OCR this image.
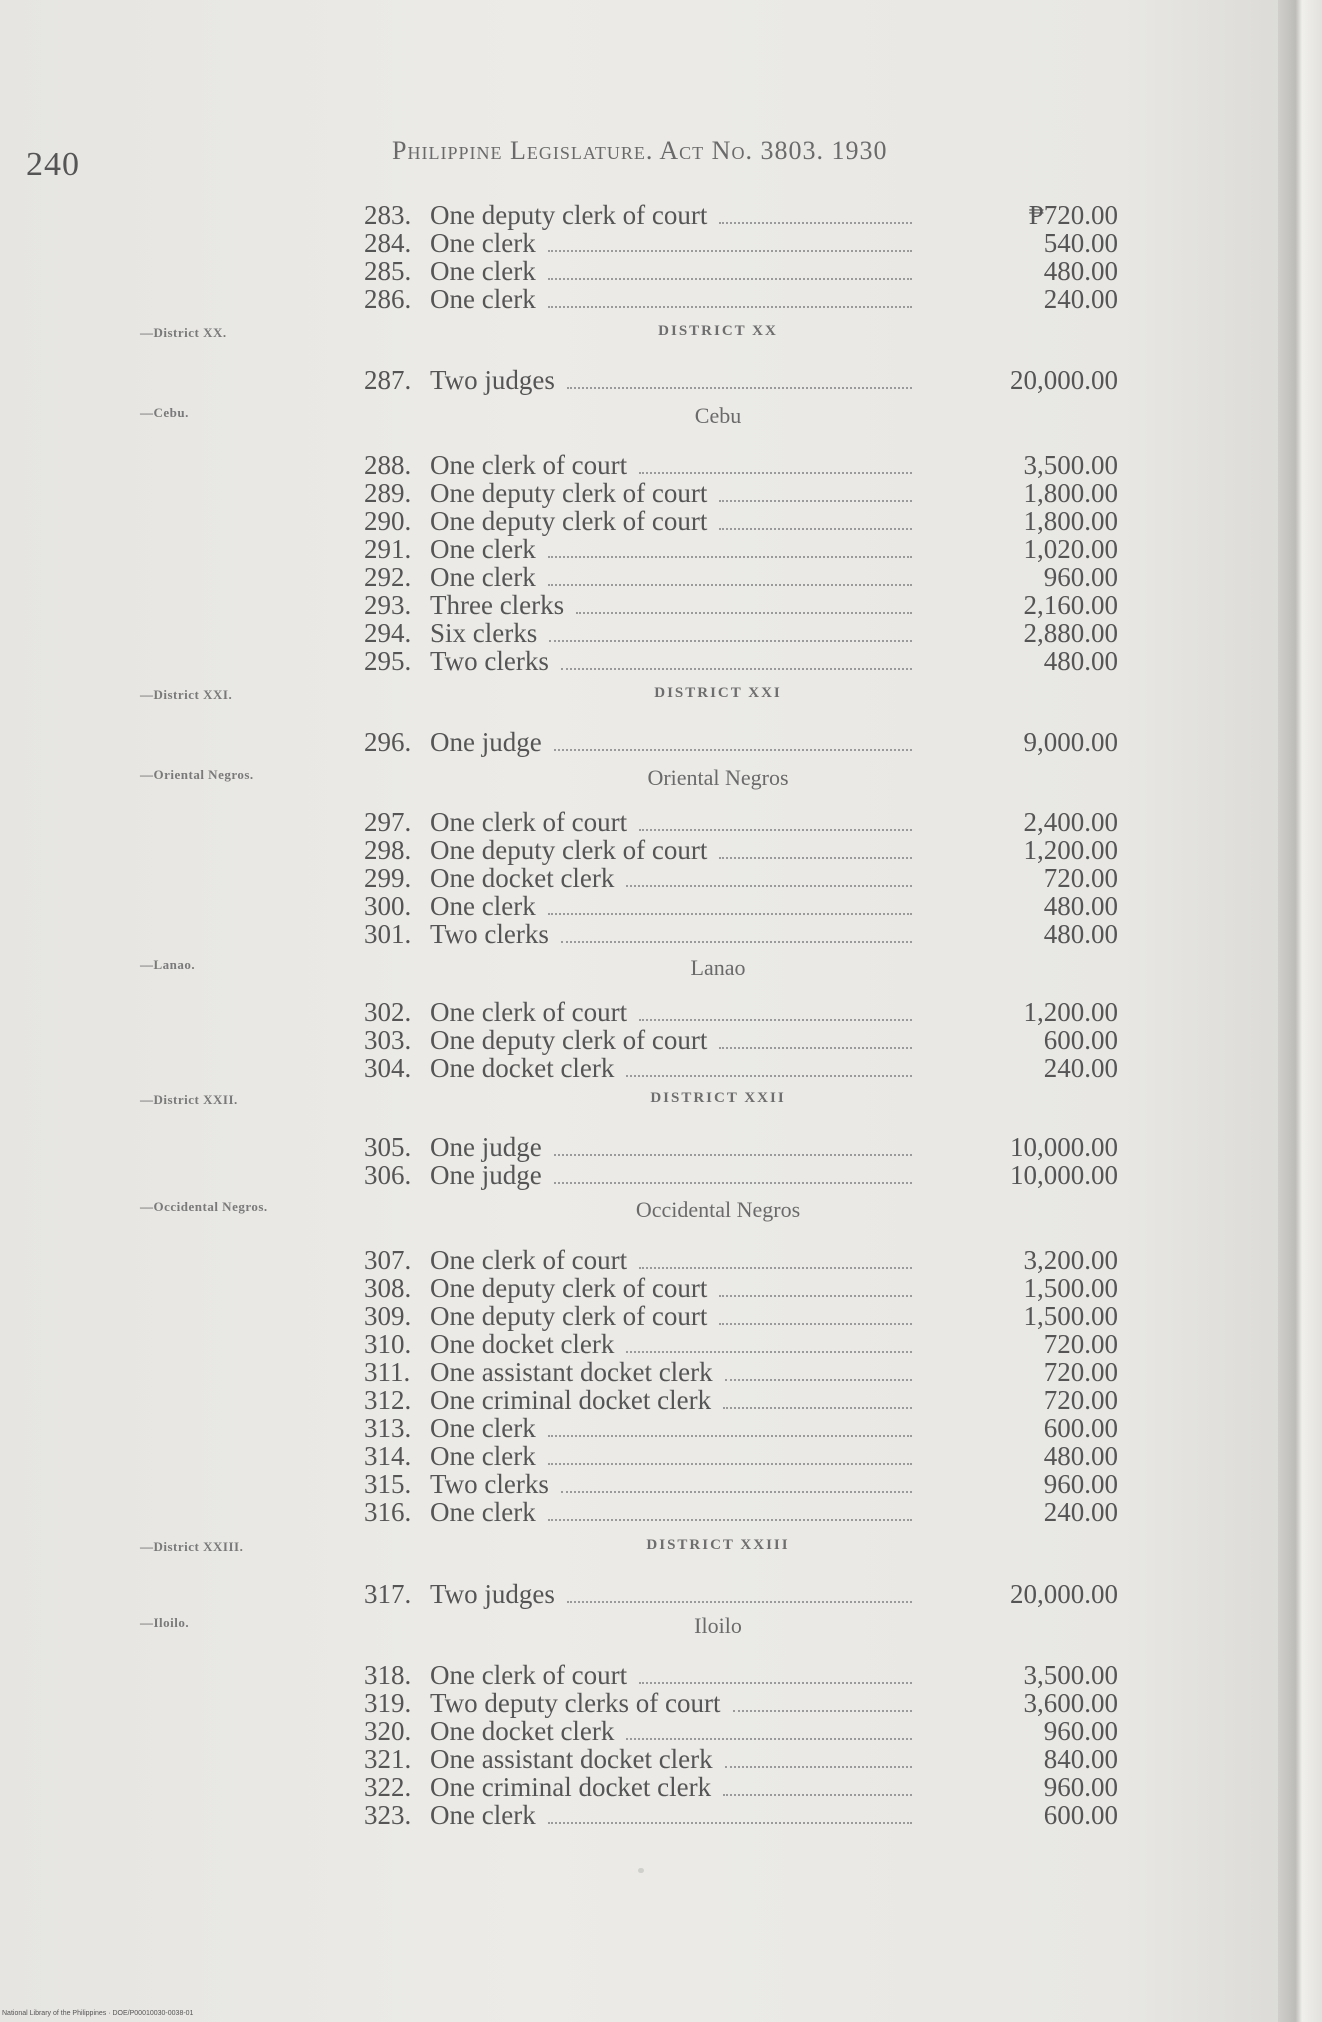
240	Philippine Legislature. Act No. 3803. 1930
283. One deputy clerk of court	₱720.00
284. One clerk	540.00
285. One clerk	480.00
286. One clerk	240.00
DISTRICT XX
—District XX.
287. Two judges	20,000.00
Cebu
—Cebu.
288. One clerk of court	3,500.00
289. One deputy clerk of court	1,800.00
290. One deputy clerk of court	1,800.00
291. One clerk	1,020.00
292. One clerk	960.00
293. Three clerks	2,160.00
294. Six clerks	2,880.00
295. Two clerks	480.00
DISTRICT XXI
—District XXI.
296. One judge	9,000.00
Oriental Negros
—Oriental Negros.
297. One clerk of court	2,400.00
298. One deputy clerk of court	1,200.00
299. One docket clerk	720.00
300. One clerk	480.00
301. Two clerks	480.00
Lanao
—Lanao.
302. One clerk of court	1,200.00
303. One deputy clerk of court	600.00
304. One docket clerk	240.00
DISTRICT XXII
—District XXII.
305. One judge	10,000.00
306. One judge	10,000.00
Occidental Negros
—Occidental Negros.
307. One clerk of court	3,200.00
308. One deputy clerk of court	1,500.00
309. One deputy clerk of court	1,500.00
310. One docket clerk	720.00
311. One assistant docket clerk	720.00
312. One criminal docket clerk	720.00
313. One clerk	600.00
314. One clerk	480.00
315. Two clerks	960.00
316. One clerk	240.00
DISTRICT XXIII
—District XXIII.
317. Two judges	20,000.00
Iloilo
—Iloilo.
318. One clerk of court	3,500.00
319. Two deputy clerks of court	3,600.00
320. One docket clerk	960.00
321. One assistant docket clerk	840.00
322. One criminal docket clerk	960.00
323. One clerk	600.00
National Library of the Philippines · DOE/P00010030-0038-01
